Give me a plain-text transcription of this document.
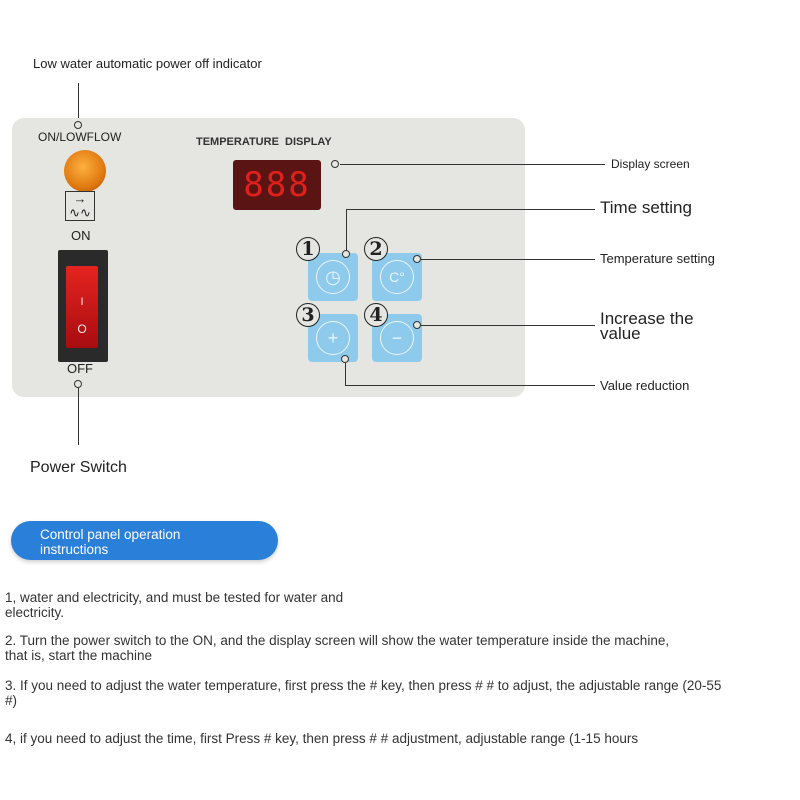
Low water automatic power off indicator
ON/LOWFLOW
→
∿∿
ON
I
O
OFF
Power Switch
TEMPERATURE  DISPLAY
888
Display screen
◷	C°
+	−
1	2
3	4
Time setting
Temperature setting
Increase the value
Value reduction
Control panel operation instructions
1, water and electricity, and must be tested for water and electricity.
2. Turn the power switch to the ON, and the display screen will show the water temperature inside the machine, that is, start the machine
3. If you need to adjust the water temperature, first press the # key, then press # # to adjust, the adjustable range (20-55 #)
4, if you need to adjust the time, first Press # key, then press # # adjustment, adjustable range (1-15 hours
